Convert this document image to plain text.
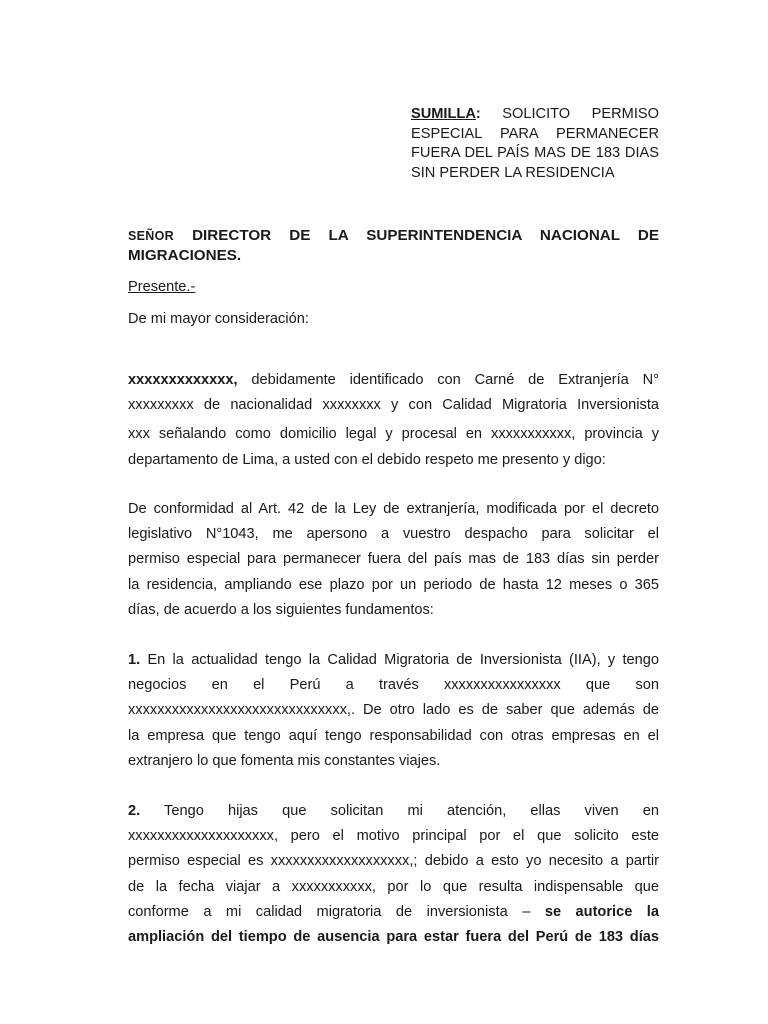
SUMILLA: SOLICITO PERMISO
ESPECIAL PARA PERMANECER
FUERA DEL PAÍS MAS DE 183 DIAS
SIN PERDER LA RESIDENCIA
SEÑOR DIRECTOR DE LA SUPERINTENDENCIA NACIONAL DE
MIGRACIONES.
Presente.-
De mi mayor consideración:
xxxxxxxxxxxxx, debidamente identificado con Carné de Extranjería N°
xxxxxxxxx de nacionalidad xxxxxxxx y con Calidad Migratoria Inversionista
xxx señalando como domicilio legal y procesal en xxxxxxxxxxx, provincia y
departamento de Lima, a usted con el debido respeto me presento y digo:
De conformidad al Art. 42 de la Ley de extranjería, modificada por el decreto
legislativo N°1043, me apersono a vuestro despacho para solicitar el
permiso especial para permanecer fuera del país mas de 183 días sin perder
la residencia, ampliando ese plazo por un periodo de hasta 12 meses o 365
días, de acuerdo a los siguientes fundamentos:
1. En la actualidad tengo la Calidad Migratoria de Inversionista (IIA), y tengo
negocios en el Perú a través xxxxxxxxxxxxxxxx que son
xxxxxxxxxxxxxxxxxxxxxxxxxxxxxx,. De otro lado es de saber que además de
la empresa que tengo aquí tengo responsabilidad con otras empresas en el
extranjero lo que fomenta mis constantes viajes.
2. Tengo hijas que solicitan mi atención, ellas viven en
xxxxxxxxxxxxxxxxxxxx, pero el motivo principal por el que solicito este
permiso especial es xxxxxxxxxxxxxxxxxxx,; debido a esto yo necesito a partir
de la fecha viajar a xxxxxxxxxxx, por lo que resulta indispensable que
conforme a mi calidad migratoria de inversionista – se autorice la
ampliación del tiempo de ausencia para estar fuera del Perú de 183 días
